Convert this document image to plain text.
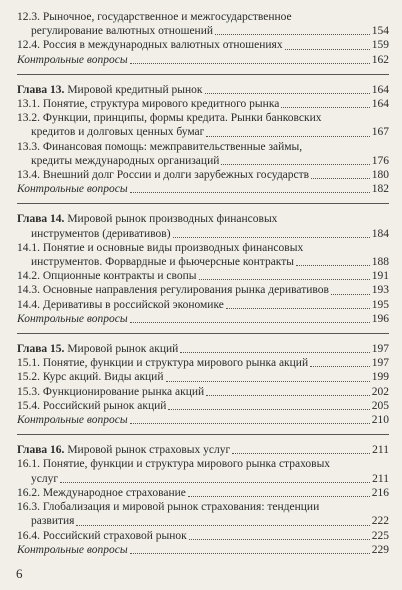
12.3. Рыночное, государственное и межгосударственное
регулирование валютных отношений	154
12.4. Россия в международных валютных отношениях	159
Контрольные вопросы	162
Глава 13. Мировой кредитный рынок	164
13.1. Понятие, структура мирового кредитного рынка	164
13.2. Функции, принципы, формы кредита. Рынки банковских
кредитов и долговых ценных бумаг	167
13.3. Финансовая помощь: межправительственные займы,
кредиты международных организаций	176
13.4. Внешний долг России и долги зарубежных государств	180
Контрольные вопросы	182
Глава 14. Мировой рынок производных финансовых
инструментов (деривативов)	184
14.1. Понятие и основные виды производных финансовых
инструментов. Форвардные и фьючерсные контракты	188
14.2. Опционные контракты и свопы	191
14.3. Основные направления регулирования рынка деривативов	193
14.4. Деривативы в российской экономике	195
Контрольные вопросы	196
Глава 15. Мировой рынок акций	197
15.1. Понятие, функции и структура мирового рынка акций	197
15.2. Курс акций. Виды акций	199
15.3. Функционирование рынка акций	202
15.4. Российский рынок акций	205
Контрольные вопросы	210
Глава 16. Мировой рынок страховых услуг	211
16.1. Понятие, функции и структура мирового рынка страховых
услуг	211
16.2. Международное страхование	216
16.3. Глобализация и мировой рынок страхования: тенденции
развития	222
16.4. Российский страховой рынок	225
Контрольные вопросы	229
6
